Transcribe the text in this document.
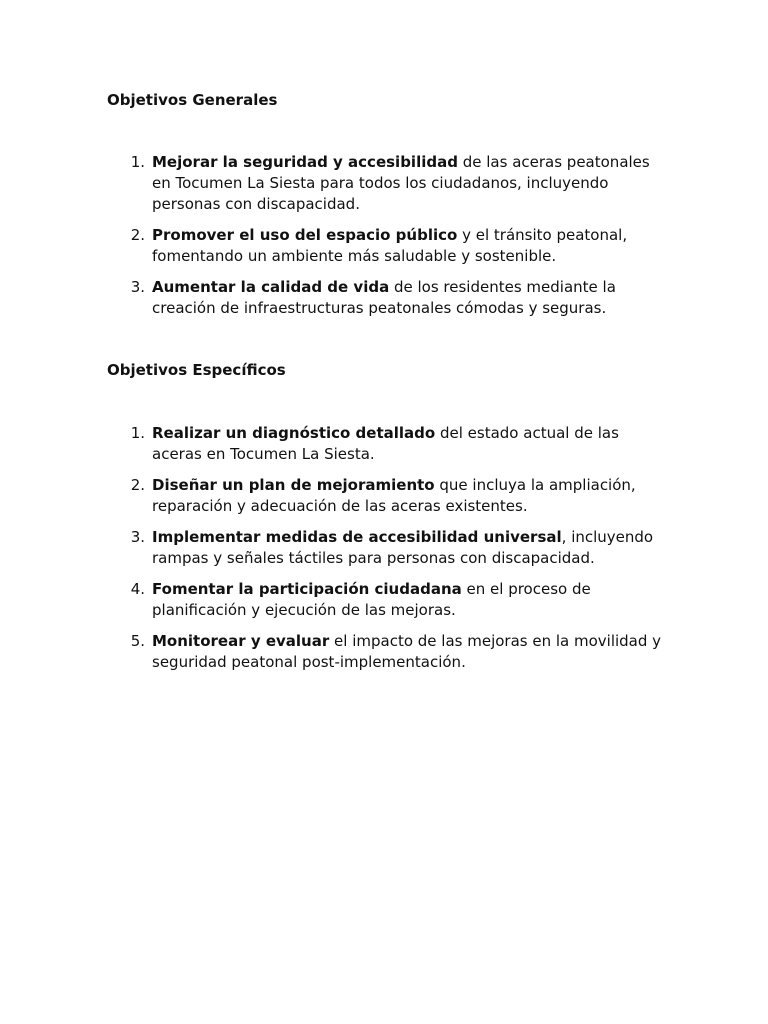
Objetivos Generales
1. Mejorar la seguridad y accesibilidad de las aceras peatonales en Tocumen La Siesta para todos los ciudadanos, incluyendo personas con discapacidad.
2. Promover el uso del espacio público y el tránsito peatonal, fomentando un ambiente más saludable y sostenible.
3. Aumentar la calidad de vida de los residentes mediante la creación de infraestructuras peatonales cómodas y seguras.
Objetivos Específicos
1. Realizar un diagnóstico detallado del estado actual de las aceras en Tocumen La Siesta.
2. Diseñar un plan de mejoramiento que incluya la ampliación, reparación y adecuación de las aceras existentes.
3. Implementar medidas de accesibilidad universal, incluyendo rampas y señales táctiles para personas con discapacidad.
4. Fomentar la participación ciudadana en el proceso de planificación y ejecución de las mejoras.
5. Monitorear y evaluar el impacto de las mejoras en la movilidad y seguridad peatonal post-implementación.
